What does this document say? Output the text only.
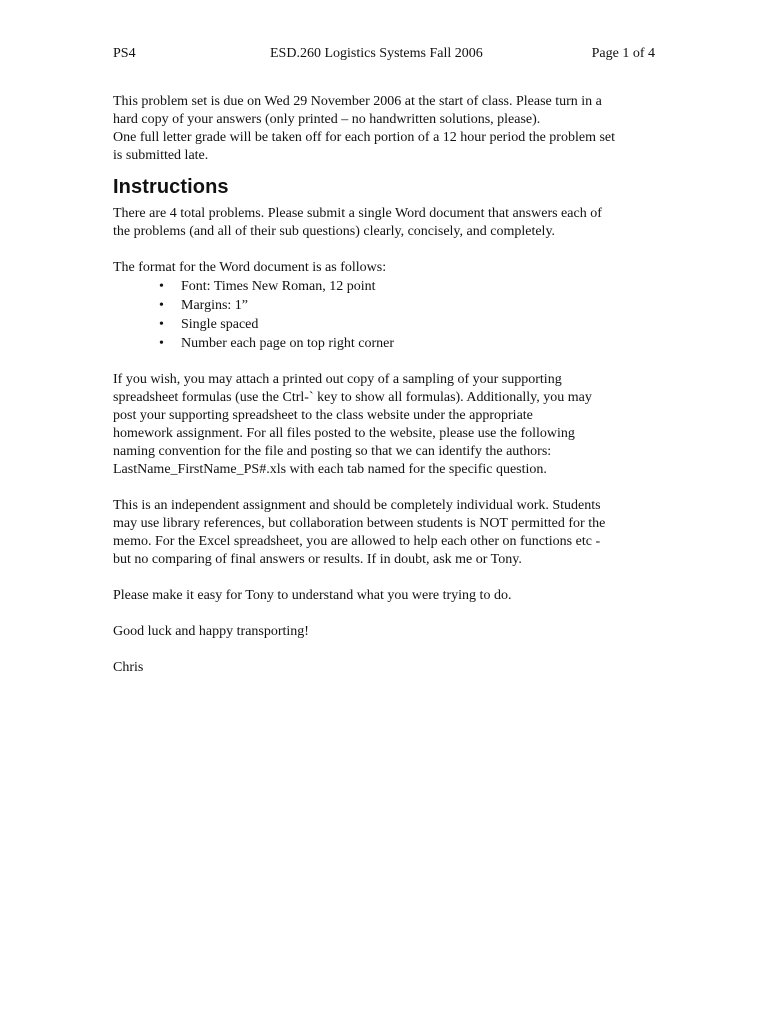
PS4	ESD.260 Logistics Systems Fall 2006	Page 1 of 4

This problem set is due on Wed 29 November 2006 at the start of class. Please turn in a

hard copy of your answers (only printed – no handwritten solutions, please).

One full letter grade will be taken off for each portion of a 12 hour period the problem set

is submitted late.

Instructions

There are 4 total problems. Please submit a single Word document that answers each of

the problems (and all of their sub questions) clearly, concisely, and completely.

The format for the Word document is as follows:

• Font: Times New Roman, 12 point
• Margins: 1”
• Single spaced
• Number each page on top right corner

If you wish, you may attach a printed out copy of a sampling of your supporting

spreadsheet formulas (use the Ctrl-` key to show all formulas). Additionally, you may

post your supporting spreadsheet to the class website under the appropriate

homework assignment. For all files posted to the website, please use the following

naming convention for the file and posting so that we can identify the authors:

LastName_FirstName_PS#.xls with each tab named for the specific question.

This is an independent assignment and should be completely individual work. Students

may use library references, but collaboration between students is NOT permitted for the

memo. For the Excel spreadsheet, you are allowed to help each other on functions etc -

but no comparing of final answers or results. If in doubt, ask me or Tony.

Please make it easy for Tony to understand what you were trying to do.

Good luck and happy transporting!

Chris
